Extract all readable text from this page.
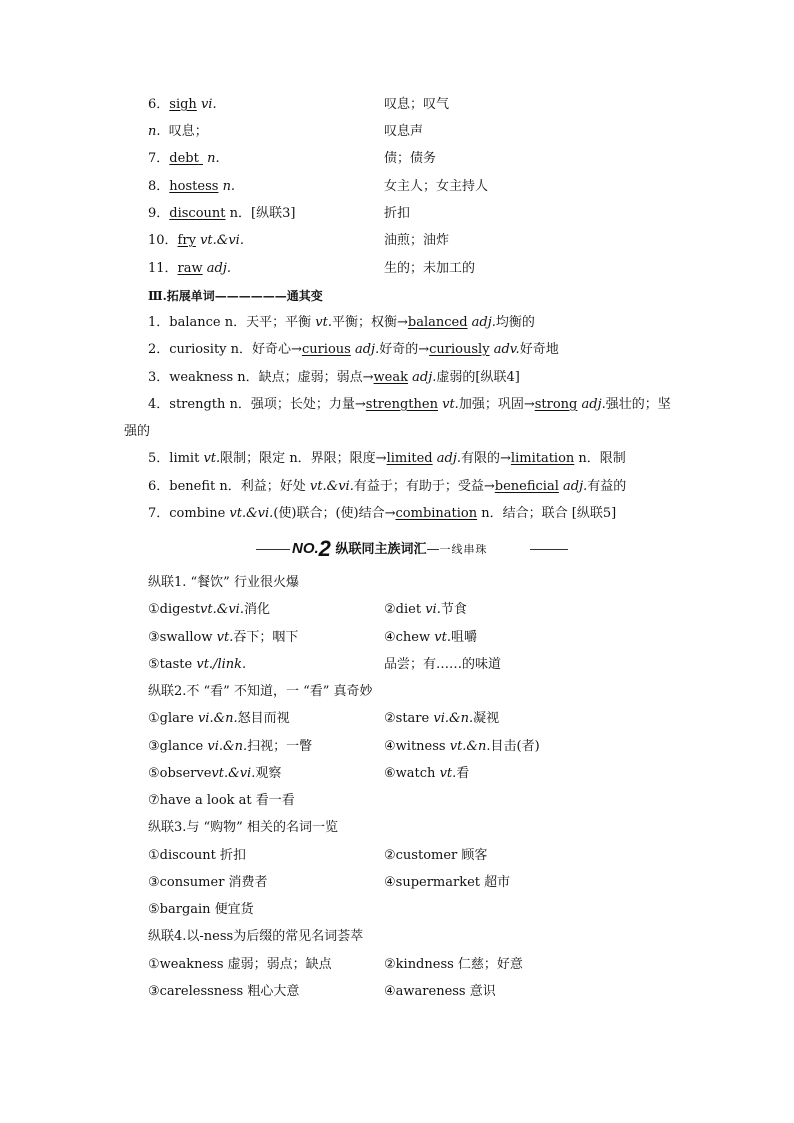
6．sigh vi.	叹息；叹气
n. 叹息；	叹息声
7．debt n.	债；债务
8．hostess n.	女主人；女主持人
9．discount n．[纵联3]	折扣
10．fry vt.&vi.	油煎；油炸
11．raw adj.	生的；未加工的
Ⅲ.拓展单词——————通其变
1．balance n．天平；平衡 vt.平衡；权衡→balanced adj.均衡的
2．curiosity n．好奇心→curious adj.好奇的→curiously adv.好奇地
3．weakness n．缺点；虚弱；弱点→weak adj.虚弱的[纵联4]
4．strength n．强项；长处；力量→strengthen vt.加强；巩固→strong adj.强壮的；坚
强的
5．limit vt.限制；限定 n．界限；限度→limited adj.有限的→limitation n．限制
6．benefit n．利益；好处 vt.&vi.有益于；有助于；受益→beneficial adj.有益的
7．combine vt.&vi.(使)联合；(使)结合→combination n．结合；联合 [纵联5]
NO.2 纵联同主族词汇—一线串珠
纵联1. “餐饮” 行业很火爆
①digestvt.&vi.消化	②diet vi.节食
③swallow vt.吞下；咽下	④chew vt.咀嚼
⑤taste vt./link.	品尝；有……的味道
纵联2.不 “看” 不知道，一 “看” 真奇妙
①glare vi.&n.怒目而视	②stare vi.&n.凝视
③glance vi.&n.扫视；一瞥	④witness vt.&n.目击(者)
⑤observevt.&vi.观察	⑥watch vt.看
⑦have a look at 看一看
纵联3.与 “购物” 相关的名词一览
①discount 折扣	②customer 顾客
③consumer 消费者	④supermarket 超市
⑤bargain 便宜货
纵联4.以-ness为后缀的常见名词荟萃
①weakness 虚弱；弱点；缺点	②kindness 仁慈；好意
③carelessness 粗心大意	④awareness 意识
